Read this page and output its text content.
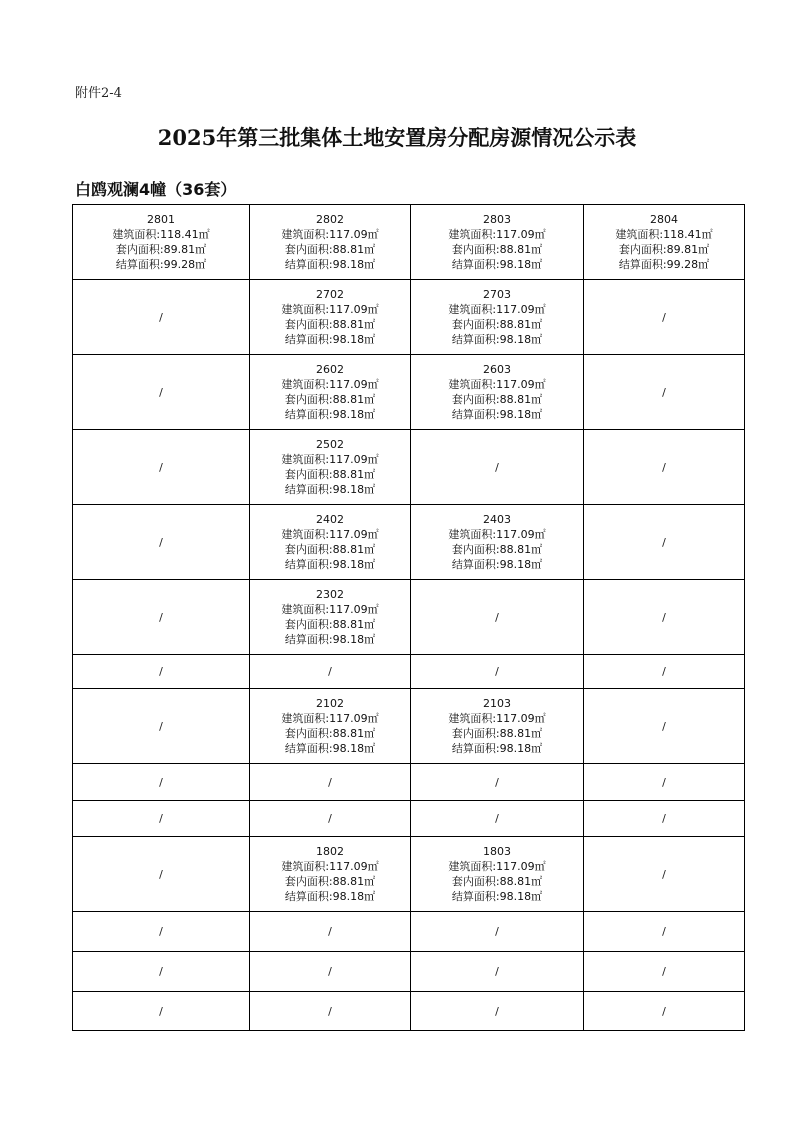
附件2-4
2025年第三批集体土地安置房分配房源情况公示表
白鸥观澜4幢（36套）
2801
建筑面积:118.41㎡
套内面积:89.81㎡
结算面积:99.28㎡	2802
建筑面积:117.09㎡
套内面积:88.81㎡
结算面积:98.18㎡	2803
建筑面积:117.09㎡
套内面积:88.81㎡
结算面积:98.18㎡	2804
建筑面积:118.41㎡
套内面积:89.81㎡
结算面积:99.28㎡

/	2702
建筑面积:117.09㎡
套内面积:88.81㎡
结算面积:98.18㎡	2703
建筑面积:117.09㎡
套内面积:88.81㎡
结算面积:98.18㎡	/
/	2602
建筑面积:117.09㎡
套内面积:88.81㎡
结算面积:98.18㎡	2603
建筑面积:117.09㎡
套内面积:88.81㎡
结算面积:98.18㎡	/
/	2502
建筑面积:117.09㎡
套内面积:88.81㎡
结算面积:98.18㎡	/	/
/	2402
建筑面积:117.09㎡
套内面积:88.81㎡
结算面积:98.18㎡	2403
建筑面积:117.09㎡
套内面积:88.81㎡
结算面积:98.18㎡	/
/	2302
建筑面积:117.09㎡
套内面积:88.81㎡
结算面积:98.18㎡	/	/
/	/	/	/
/	2102
建筑面积:117.09㎡
套内面积:88.81㎡
结算面积:98.18㎡	2103
建筑面积:117.09㎡
套内面积:88.81㎡
结算面积:98.18㎡	/
/	/	/	/
/	/	/	/
/	1802
建筑面积:117.09㎡
套内面积:88.81㎡
结算面积:98.18㎡	1803
建筑面积:117.09㎡
套内面积:88.81㎡
结算面积:98.18㎡	/
/	/	/	/
/	/	/	/
/	/	/	/
